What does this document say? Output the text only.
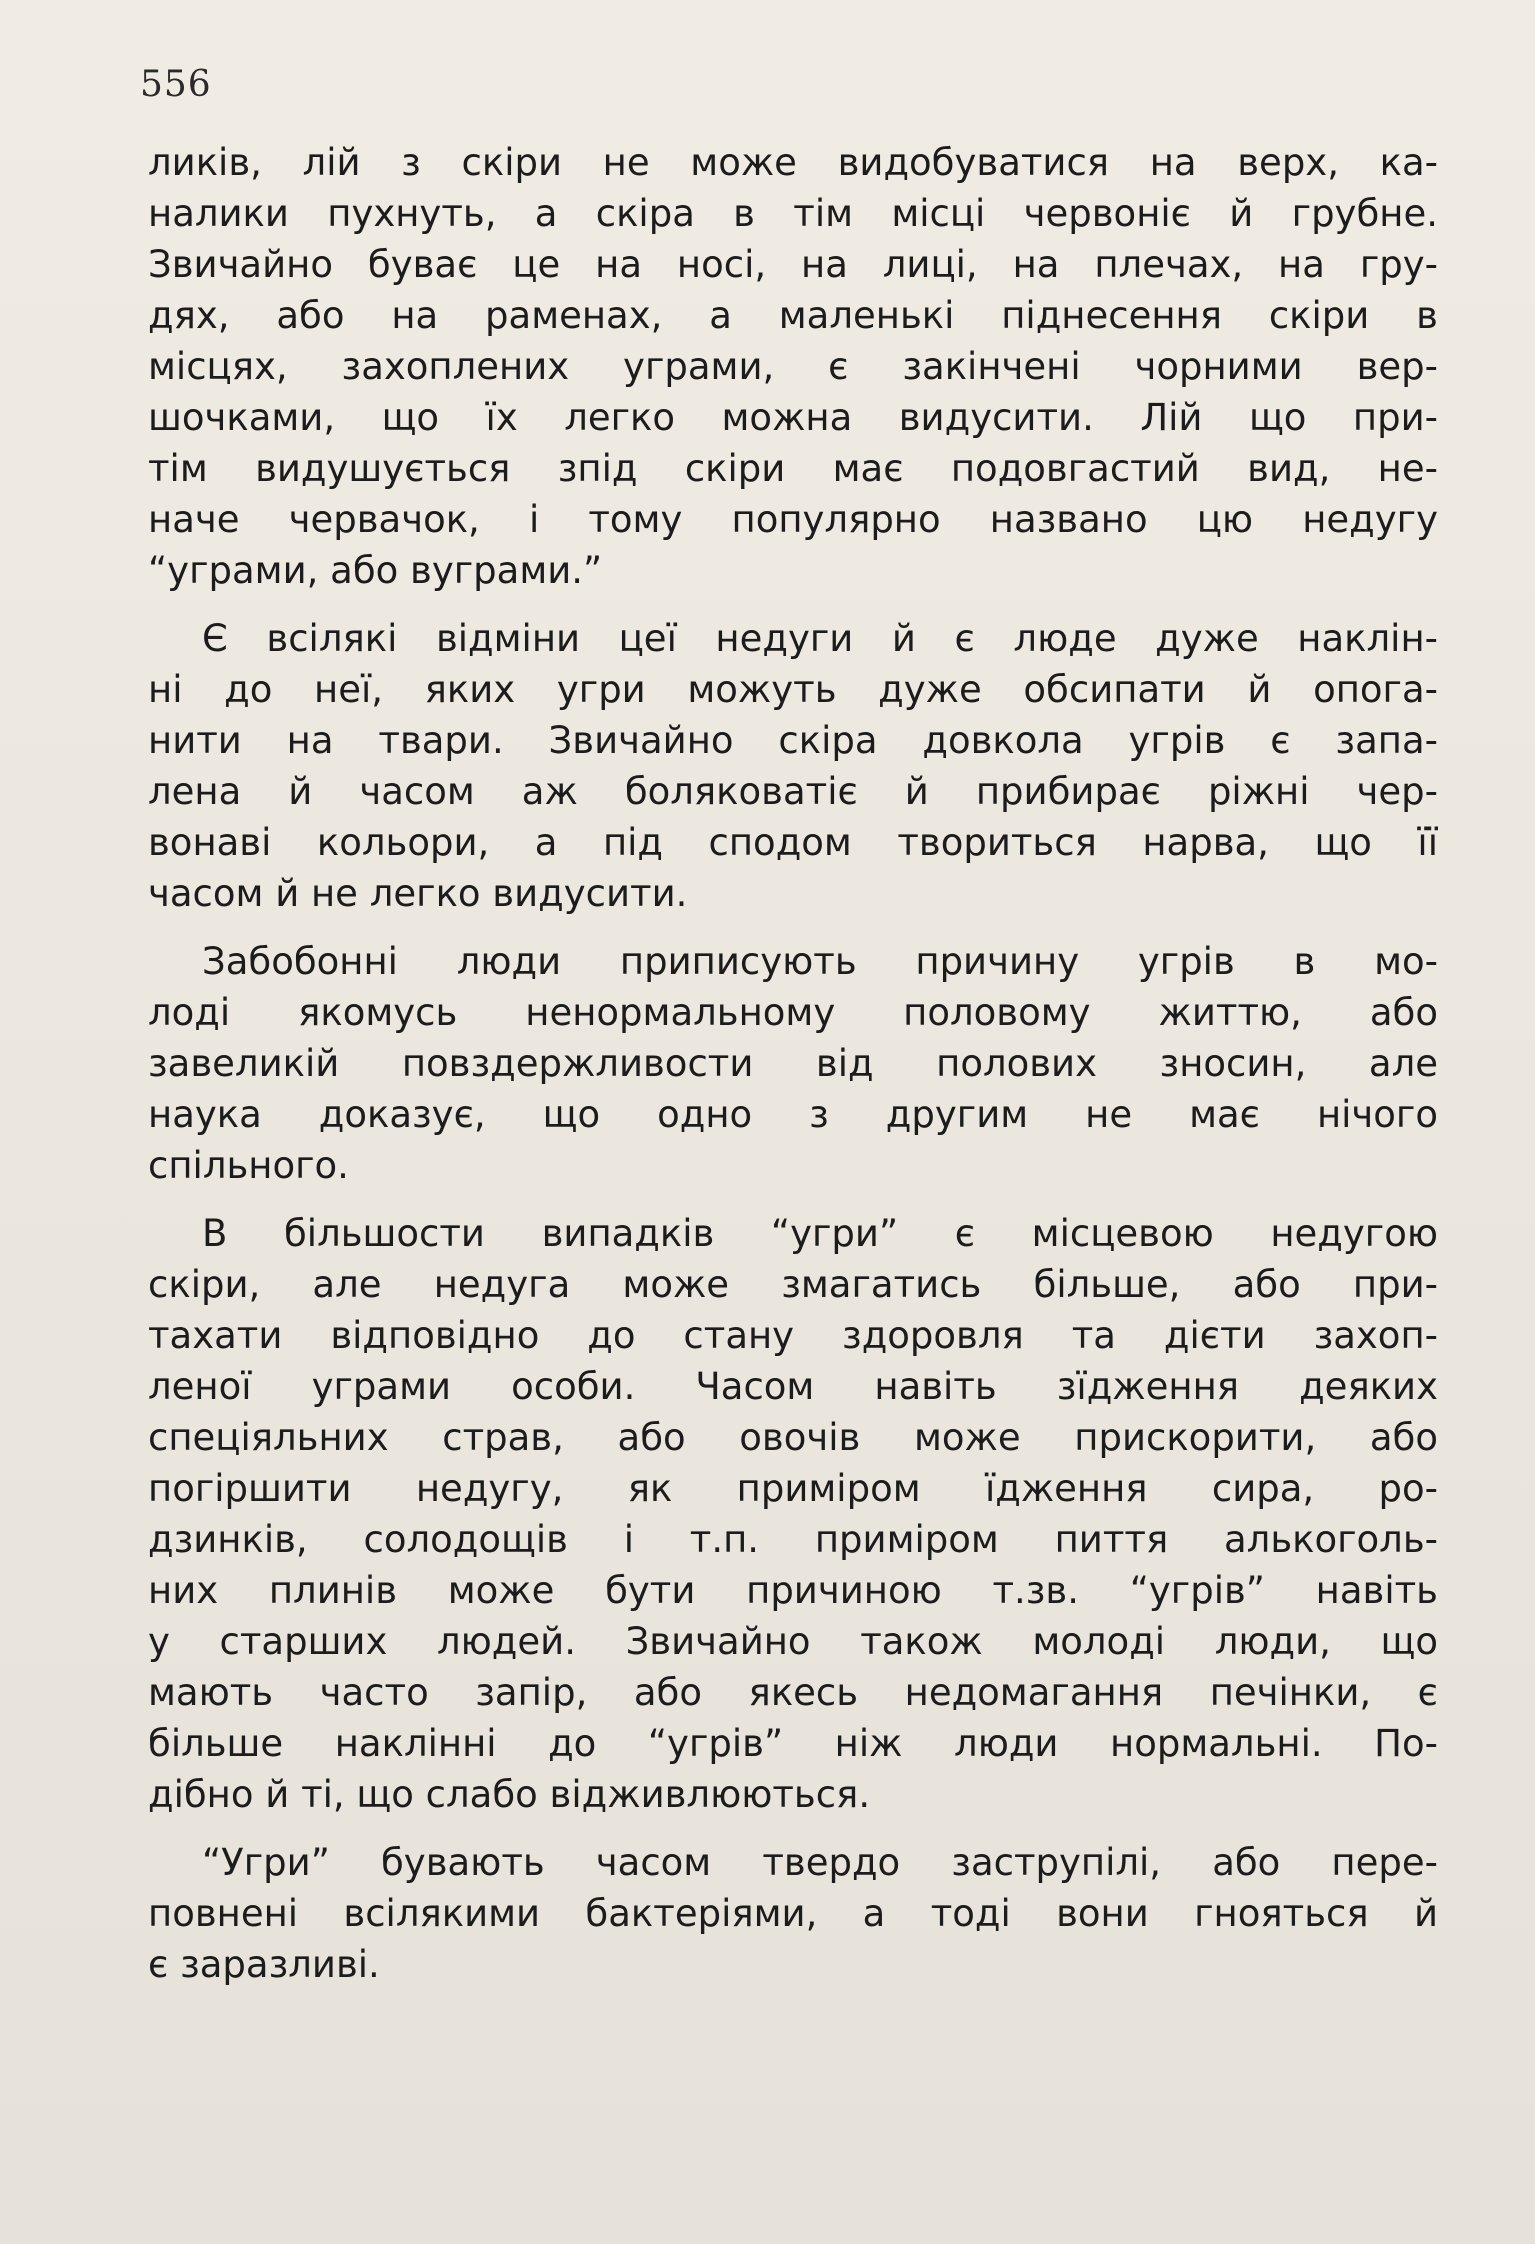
556
ликів, лій з скіри не може видобуватися на верх, ка-
налики пухнуть, а скіра в тім місці червоніє й грубне.
Звичайно буває це на носі, на лиці, на плечах, на гру-
дях, або на раменах, а маленькі піднесення скіри в
місцях, захоплених уграми, є закінчені чорними вер-
шочками, що їх легко можна видусити. Лій що при-
тім видушується зпід скіри має подовгастий вид, не-
наче червачок, і тому популярно названо цю недугу
“уграми, або вуграми.”
Є всілякі відміни цеї недуги й є люде дуже наклін-
ні до неї, яких угри можуть дуже обсипати й опога-
нити на твари. Звичайно скіра довкола угрів є запа-
лена й часом аж боляковатіє й прибирає ріжні чер-
вонаві кольори, а під сподом твориться нарва, що її
часом й не легко видусити.
Забобонні люди приписують причину угрів в мо-
лоді якомусь ненормальному половому життю, або
завеликій повздержливости від полових зносин, але
наука доказує, що одно з другим не має нічого
спільного.
В більшости випадків “угри” є місцевою недугою
скіри, але недуга може змагатись більше, або при-
тахати відповідно до стану здоровля та дієти захоп-
леної уграми особи. Часом навіть зїдження деяких
спеціяльних страв, або овочів може прискорити, або
погіршити недугу, як приміром їдження сира, ро-
дзинків, солодощів і т.п. приміром пиття алькоголь-
них плинів може бути причиною т.зв. “угрів” навіть
у старших людей. Звичайно також молоді люди, що
мають часто запір, або якесь недомагання печінки, є
більше наклінні до “угрів” ніж люди нормальні. По-
дібно й ті, що слабо відживлюються.
“Угри” бувають часом твердо заструпілі, або пере-
повнені всілякими бактеріями, а тоді вони гнояться й
є заразливі.
